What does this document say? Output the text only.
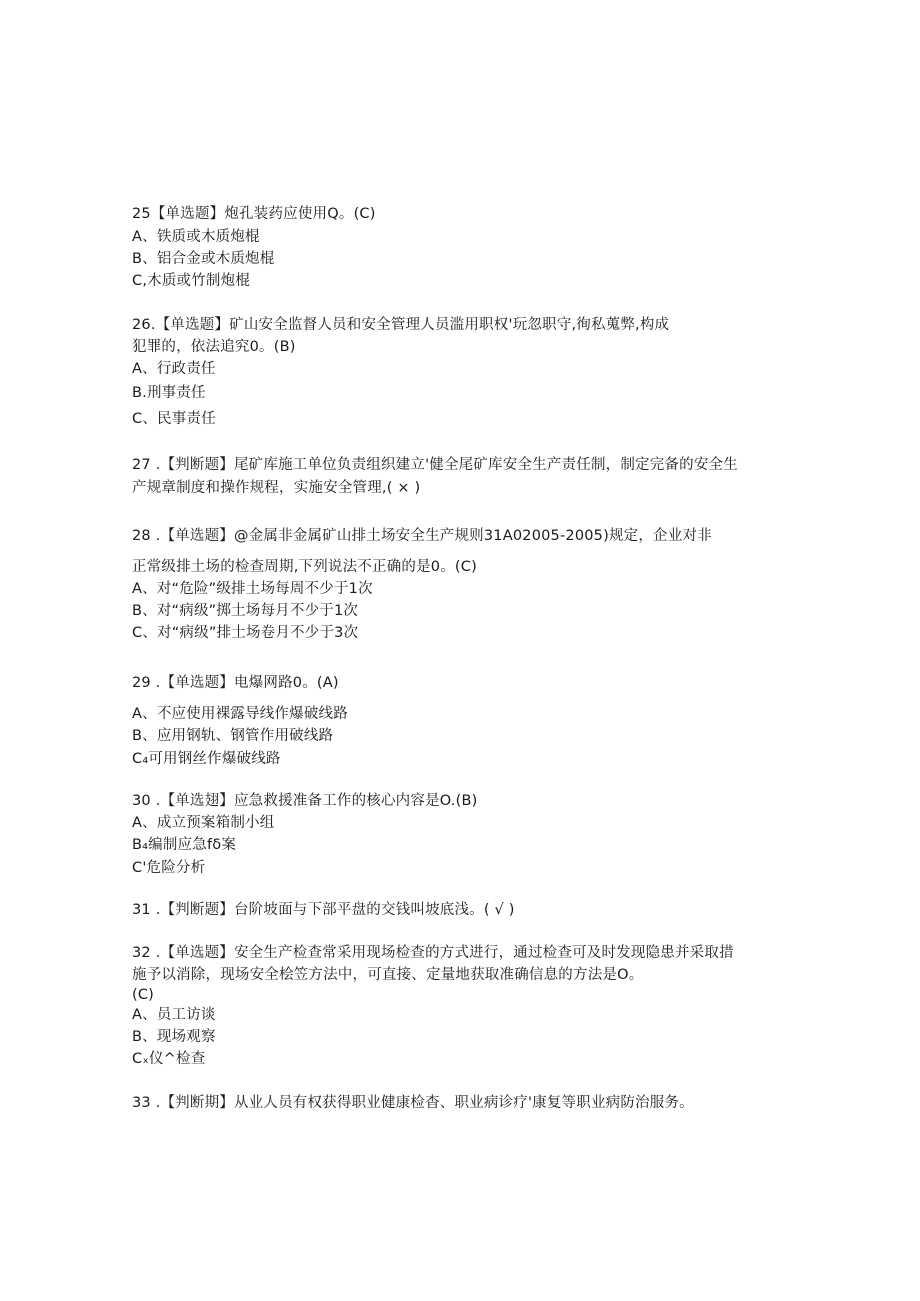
25【单选题】炮孔装药应使用Q。(C)
A、铁质或木质炮棍
B、铝合金或木质炮棍
C,木质或竹制炮棍
26.【单选题】矿山安全监督人员和安全管理人员滥用职权'玩忽职守,徇私蒐弊,构成
犯罪的，依法追究0。(B)
A、行政责任
B.刑事责任
C、民事责任
27 .【判断题】尾矿库施工单位负责组织建立'健全尾矿库安全生产责任制，制定完备的安全生
产规章制度和操作规程，实施安全管理,( × )
28 .【单选题】@金属非金属矿山排土场安全生产规则31A02005-2005)规定，企业对非
正常级排土场的检查周期,下列说法不正确的是0。(C)
A、对“危险”级排土场每周不少于1次
B、对“病级”掷土场每月不少于1次
C、对“病级”排土场卷月不少于3次
29 .【单选题】电爆网路0。(A)
A、不应使用裸露导线作爆破线路
B、应用钢轨、钢管作用破线路
C₄可用钢丝作爆破线路
30 .【单选翅】应急救援准备工作的核心内容是O.(B)
A、成立预案箱制小组
B₄编制应急fδ案
C'危险分析
31 .【判断题】台阶坡面与下部平盘的交钱叫坡底浅。( √ )
32 .【单选题】安全生产检查常采用现场检查的方式进行，通过检查可及时发现隐患并采取措
施予以消除，现场安全桧笠方法中，可直接、定量地获取准确信息的方法是O。
(C)
A、员工访谈
B、现场观察
Cₓ仪^检查
33 .【判断期】从业人员有权获得职业健康检杳、职业病诊疗'康复等职业病防治服务。
